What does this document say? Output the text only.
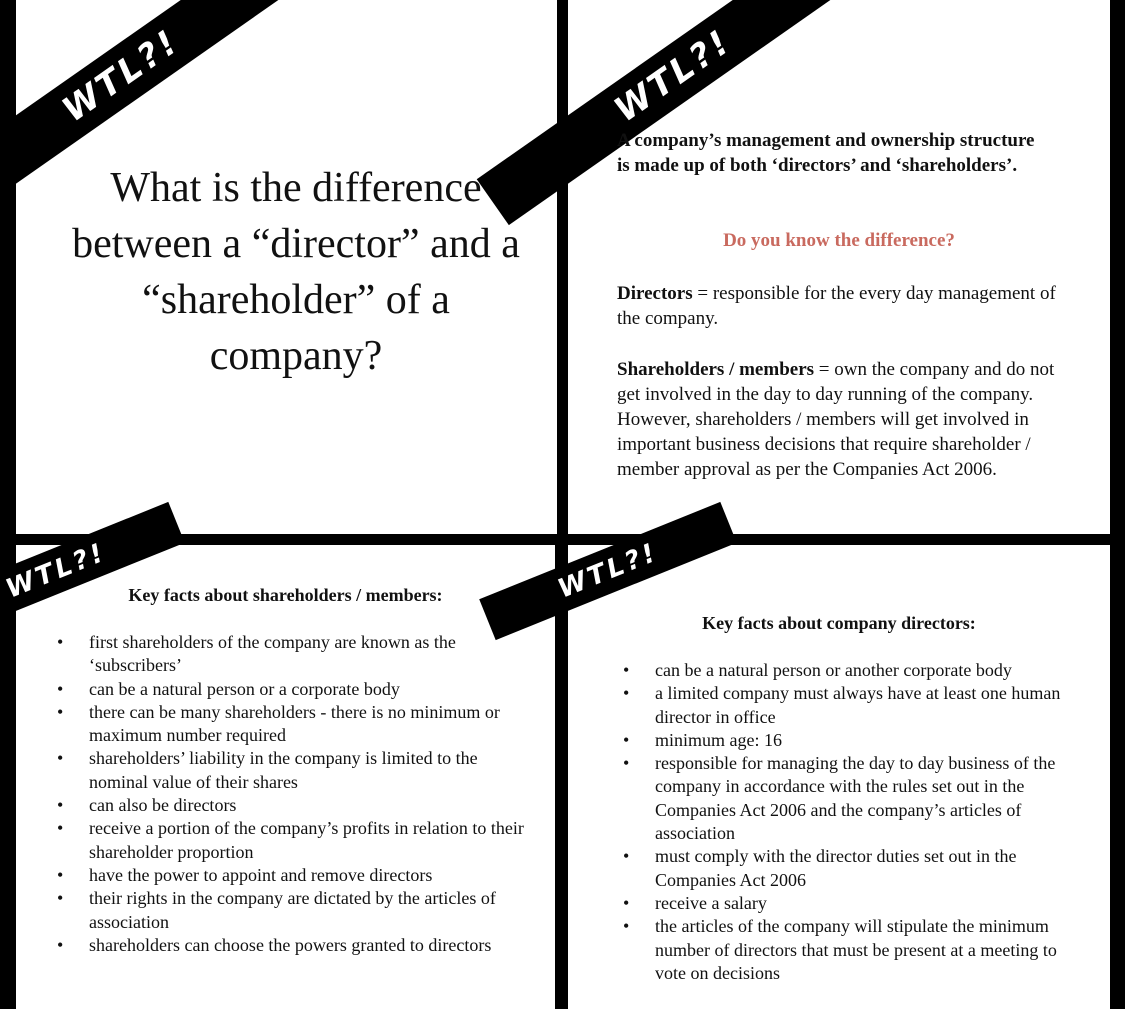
WTL?!
What is the difference between a “director” and a “shareholder” of a company?
WTL?!
A company’s management and ownership structure is made up of both ‘directors’ and ‘shareholders’.
Do you know the difference?
Directors = responsible for the every day management of the company.
Shareholders / members = own the company and do not get involved in the day to day running of the company. However, shareholders / members will get involved in important business decisions that require shareholder / member approval as per the Companies Act 2006.
WTL?!	Key facts about shareholders / members:
•	first shareholders of the company are known as the ‘subscribers’
•	can be a natural person or a corporate body
•	there can be many shareholders - there is no minimum or maximum number required
•	shareholders’ liability in the company is limited to the nominal value of their shares
•	can also be directors
•	receive a portion of the company’s profits in relation to their shareholder proportion
•	have the power to appoint and remove directors
•	their rights in the company are dictated by the articles of association
•	shareholders can choose the powers granted to directors
WTL?!
Key facts about company directors:
•	can be a natural person or another corporate body
•	a limited company must always have at least one human director in office
•	minimum age: 16
•	responsible for managing the day to day business of the company in accordance with the rules set out in the Companies Act 2006 and the company’s articles of association
•	must comply with the director duties set out in the Companies Act 2006
•	receive a salary
•	the articles of the company will stipulate the minimum number of directors that must be present at a meeting to vote on decisions
